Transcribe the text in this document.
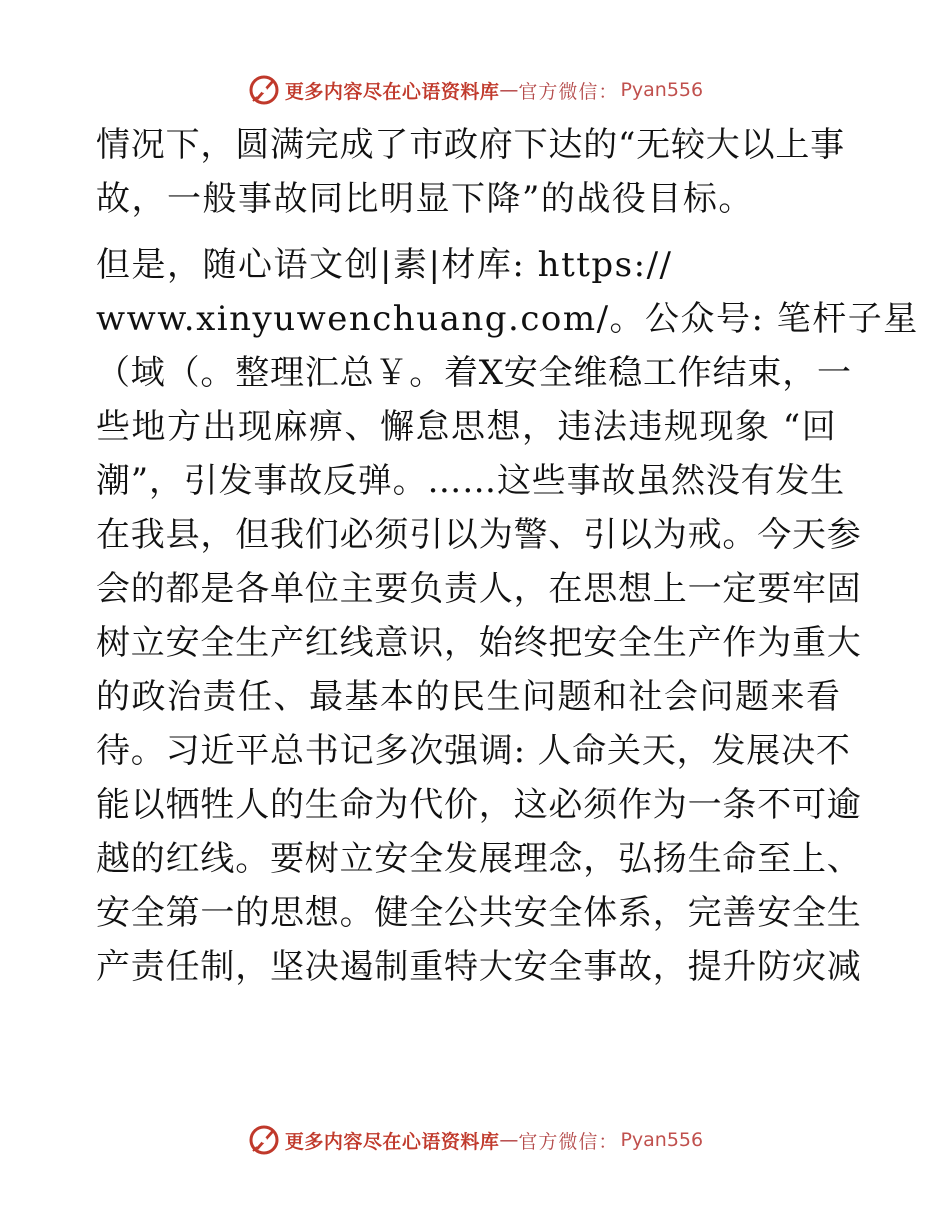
更多内容尽在心语资料库 — 官方微信： Pyan556
情况下，圆满完成了市政府下达的“无较大以上事
故，一般事故同比明显下降”的战役目标。
但是，随心语文创|素|材库: https://
www.xinyuwenchuang.com/。公众号: 笔杆子星
（域（。整理汇总￥。着X安全维稳工作结束，一
些地方出现麻痹、懈怠思想，违法违规现象 “回
潮”，引发事故反弹。……这些事故虽然没有发生
在我县，但我们必须引以为警、引以为戒。今天参
会的都是各单位主要负责人，在思想上一定要牢固
树立安全生产红线意识，始终把安全生产作为重大
的政治责任、最基本的民生问题和社会问题来看
待。习近平总书记多次强调: 人命关天，发展决不
能以牺牲人的生命为代价，这必须作为一条不可逾
越的红线。要树立安全发展理念，弘扬生命至上、
安全第一的思想。健全公共安全体系，完善安全生
产责任制，坚决遏制重特大安全事故，提升防灾减
更多内容尽在心语资料库 — 官方微信： Pyan556
